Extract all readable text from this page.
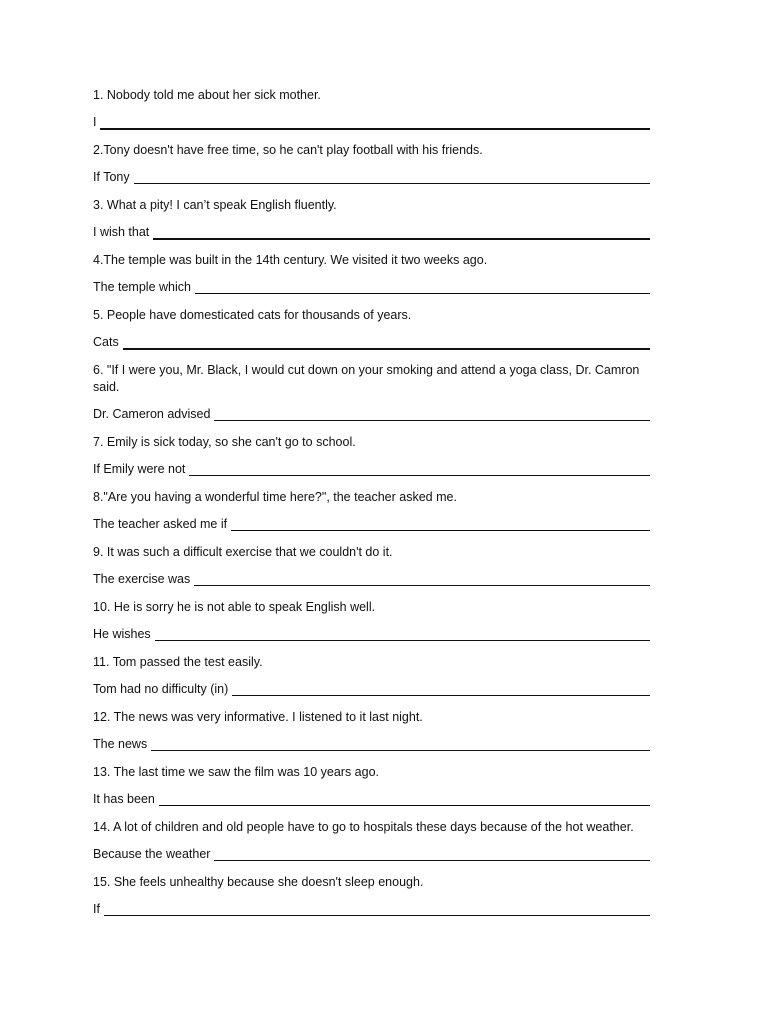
1. Nobody told me about her sick mother.
I
2.Tony doesn't have free time, so he can't play football with his friends.
If Tony
3. What a pity! I can’t speak English fluently.
I wish that
4.The temple was built in the 14th century. We visited it two weeks ago.
The temple which
5. People have domesticated cats for thousands of years.
Cats
6. "If I were you, Mr. Black, I would cut down on your smoking and attend a yoga class, Dr. Camron said.
Dr. Cameron advised
7. Emily is sick today, so she can't go to school.
If Emily were not
8."Are you having a wonderful time here?", the teacher asked me.
The teacher asked me if
9. It was such a difficult exercise that we couldn't do it.
The exercise was
10. He is sorry he is not able to speak English well.
He wishes
11. Tom passed the test easily.
Tom had no difficulty (in)
12. The news was very informative. I listened to it last night.
The news
13. The last time we saw the film was 10 years ago.
It has been
14. A lot of children and old people have to go to hospitals these days because of the hot weather.
Because the weather
15. She feels unhealthy because she doesn't sleep enough.
If
